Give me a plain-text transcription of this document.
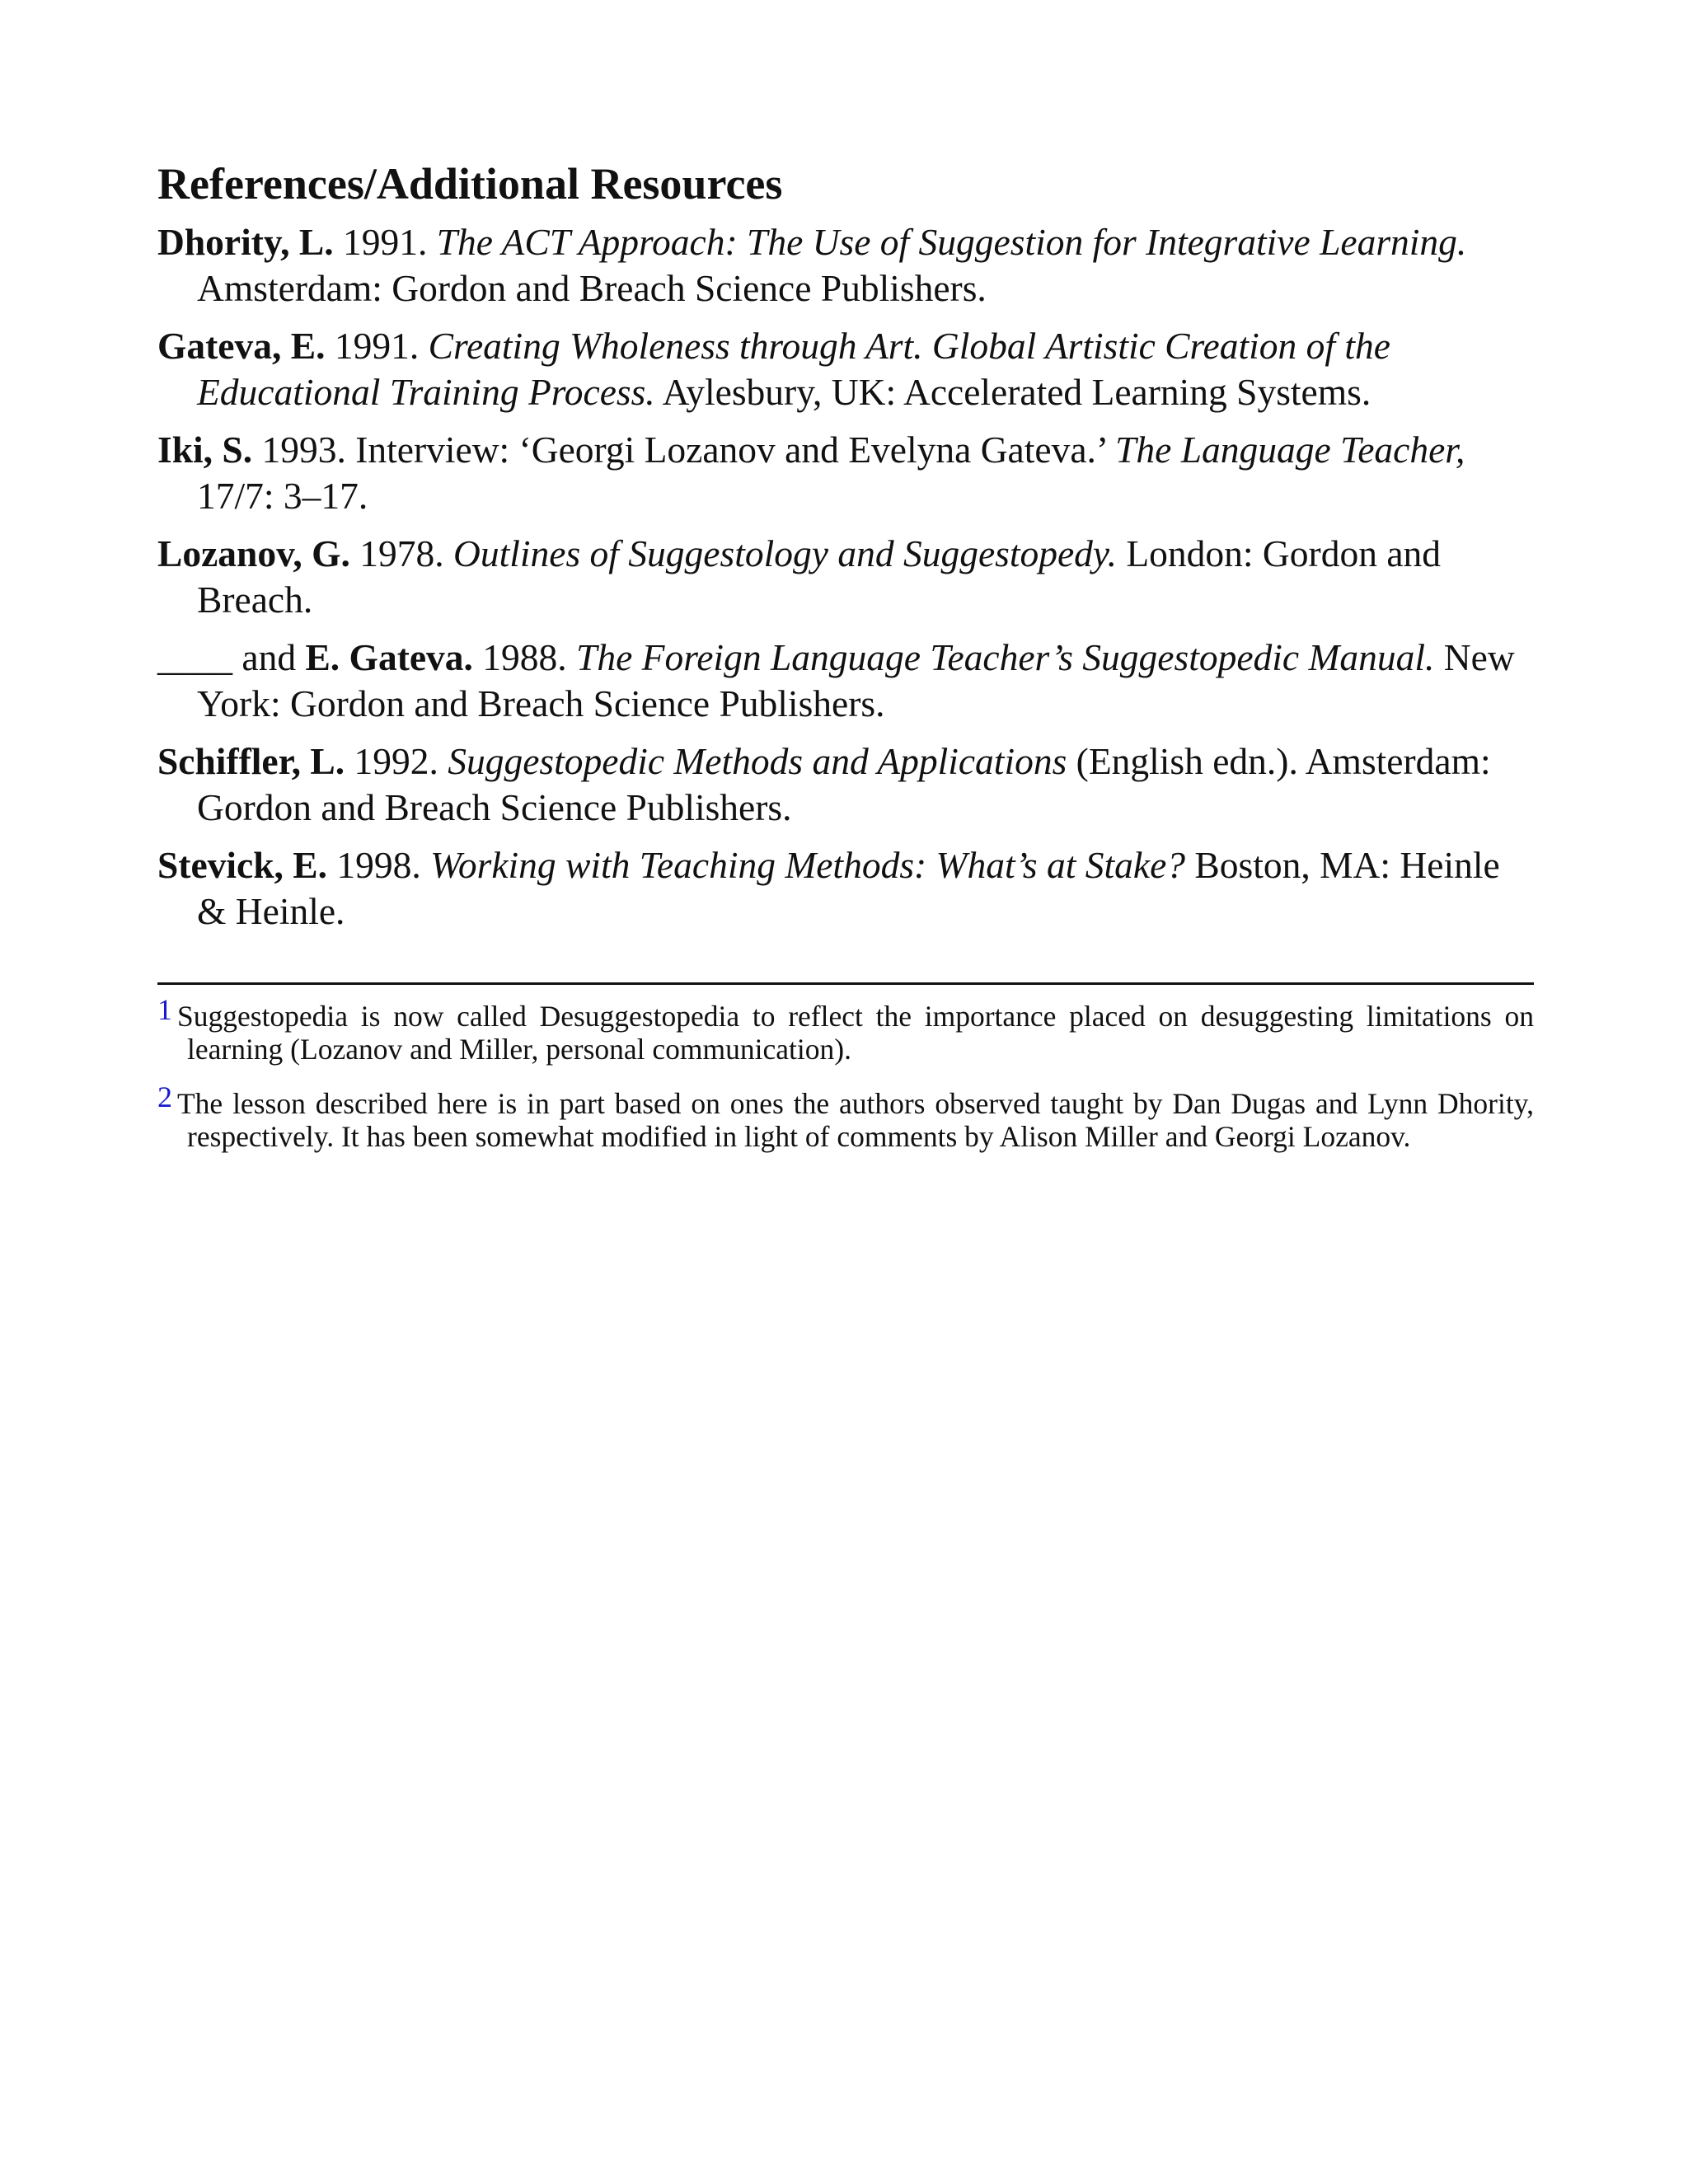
References/Additional Resources

Dhority, L. 1991. The ACT Approach: The Use of Suggestion for Integrative Learning. Amsterdam: Gordon and Breach Science Publishers.

Gateva, E. 1991. Creating Wholeness through Art. Global Artistic Creation of the Educational Training Process. Aylesbury, UK: Accelerated Learning Systems.

Iki, S. 1993. Interview: ‘Georgi Lozanov and Evelyna Gateva.’ The Language Teacher, 17/7: 3–17.

Lozanov, G. 1978. Outlines of Suggestology and Suggestopedy. London: Gordon and Breach.

____ and E. Gateva. 1988. The Foreign Language Teacher’s Suggestopedic Manual. New York: Gordon and Breach Science Publishers.

Schiffler, L. 1992. Suggestopedic Methods and Applications (English edn.). Amsterdam: Gordon and Breach Science Publishers.

Stevick, E. 1998. Working with Teaching Methods: What’s at Stake? Boston, MA: Heinle & Heinle.

1 Suggestopedia is now called Desuggestopedia to reflect the importance placed on desuggesting limitations on learning (Lozanov and Miller, personal communication).

2 The lesson described here is in part based on ones the authors observed taught by Dan Dugas and Lynn Dhority, respectively. It has been somewhat modified in light of comments by Alison Miller and Georgi Lozanov.
